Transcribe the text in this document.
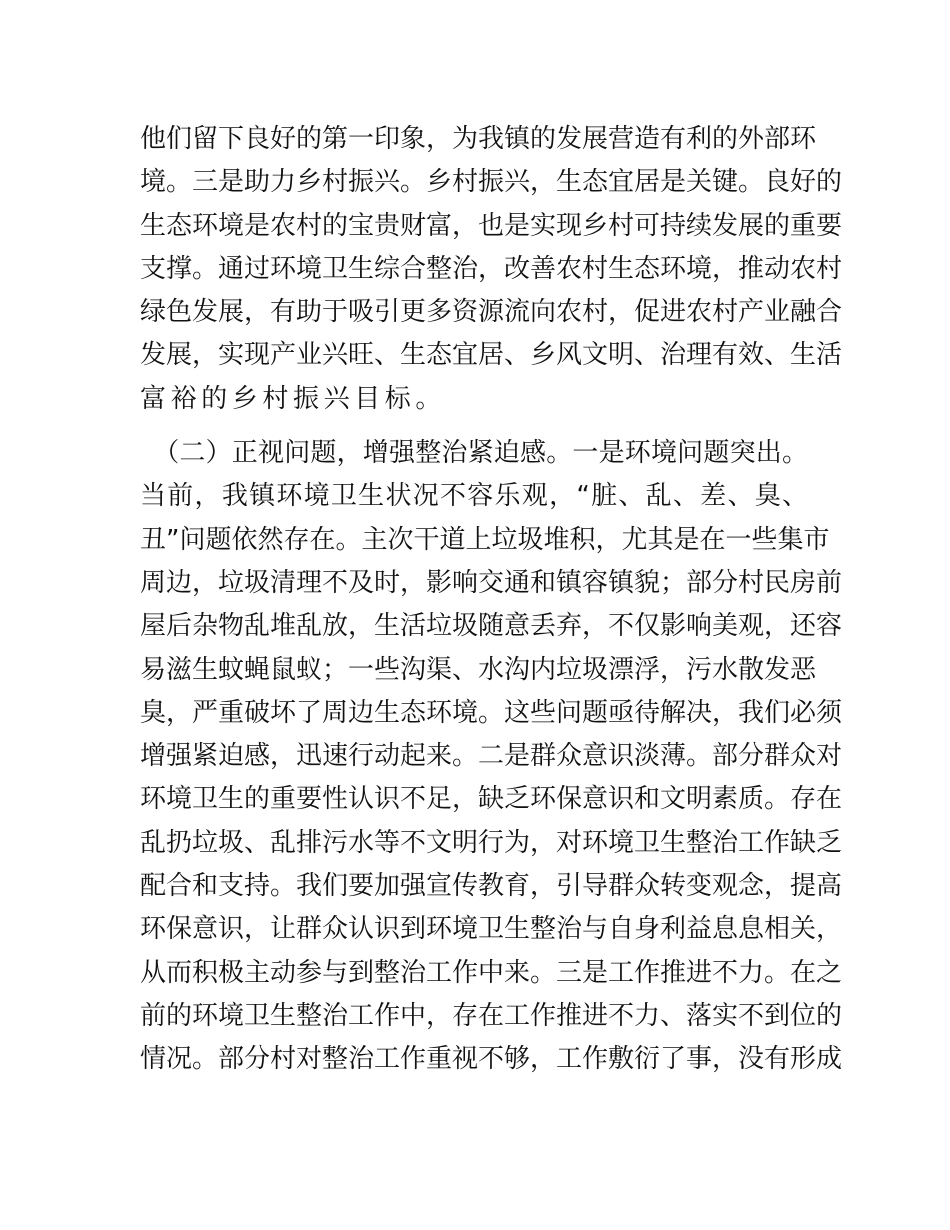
他们留下良好的第一印象，为我镇的发展营造有利的外部环
境。三是助力乡村振兴。乡村振兴，生态宜居是关键。良好的
生态环境是农村的宝贵财富，也是实现乡村可持续发展的重要
支撑。通过环境卫生综合整治，改善农村生态环境，推动农村
绿色发展，有助于吸引更多资源流向农村，促进农村产业融合
发展，实现产业兴旺、生态宜居、乡风文明、治理有效、生活
富裕的乡村振兴目标。
　（二）正视问题，增强整治紧迫感。一是环境问题突出。
当前，我镇环境卫生状况不容乐观，“脏、乱、差、臭、
丑”问题依然存在。主次干道上垃圾堆积，尤其是在一些集市
周边，垃圾清理不及时，影响交通和镇容镇貌；部分村民房前
屋后杂物乱堆乱放，生活垃圾随意丢弃，不仅影响美观，还容
易滋生蚊蝇鼠蚁；一些沟渠、水沟内垃圾漂浮，污水散发恶
臭，严重破坏了周边生态环境。这些问题亟待解决，我们必须
增强紧迫感，迅速行动起来。二是群众意识淡薄。部分群众对
环境卫生的重要性认识不足，缺乏环保意识和文明素质。存在
乱扔垃圾、乱排污水等不文明行为，对环境卫生整治工作缺乏
配合和支持。我们要加强宣传教育，引导群众转变观念，提高
环保意识，让群众认识到环境卫生整治与自身利益息息相关，
从而积极主动参与到整治工作中来。三是工作推进不力。在之
前的环境卫生整治工作中，存在工作推进不力、落实不到位的
情况。部分村对整治工作重视不够，工作敷衍了事，没有形成
